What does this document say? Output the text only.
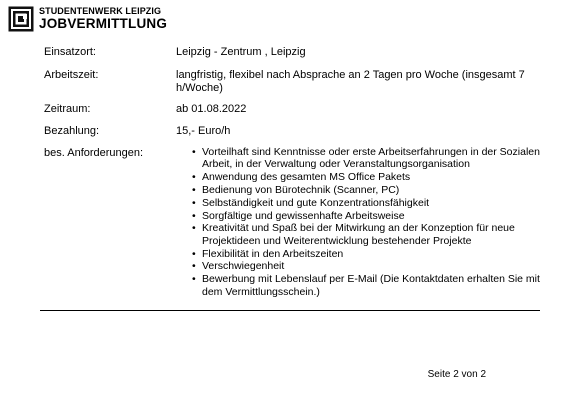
STUDENTENWERK LEIPZIG
JOBVERMITTLUNG
Einsatzort:	Leipzig - Zentrum , Leipzig
Arbeitszeit:	langfristig, flexibel nach Absprache an 2 Tagen pro Woche (insgesamt 7 h/Woche)
Zeitraum:	ab 01.08.2022
Bezahlung:	15,- Euro/h
bes. Anforderungen:
•	Vorteilhaft sind Kenntnisse oder erste Arbeitserfahrungen in der Sozialen Arbeit, in der Verwaltung oder Veranstaltungsorganisation
• Anwendung des gesamten MS Office Pakets
• Bedienung von Bürotechnik (Scanner, PC)
• Selbständigkeit und gute Konzentrationsfähigkeit
• Sorgfältige und gewissenhafte Arbeitsweise
• Kreativität und Spaß bei der Mitwirkung an der Konzeption für neue Projektideen und Weiterentwicklung bestehender Projekte
• Flexibilität in den Arbeitszeiten
• Verschwiegenheit
• Bewerbung mit Lebenslauf per E-Mail (Die Kontaktdaten erhalten Sie mit dem Vermittlungsschein.)
Seite 2 von 2
